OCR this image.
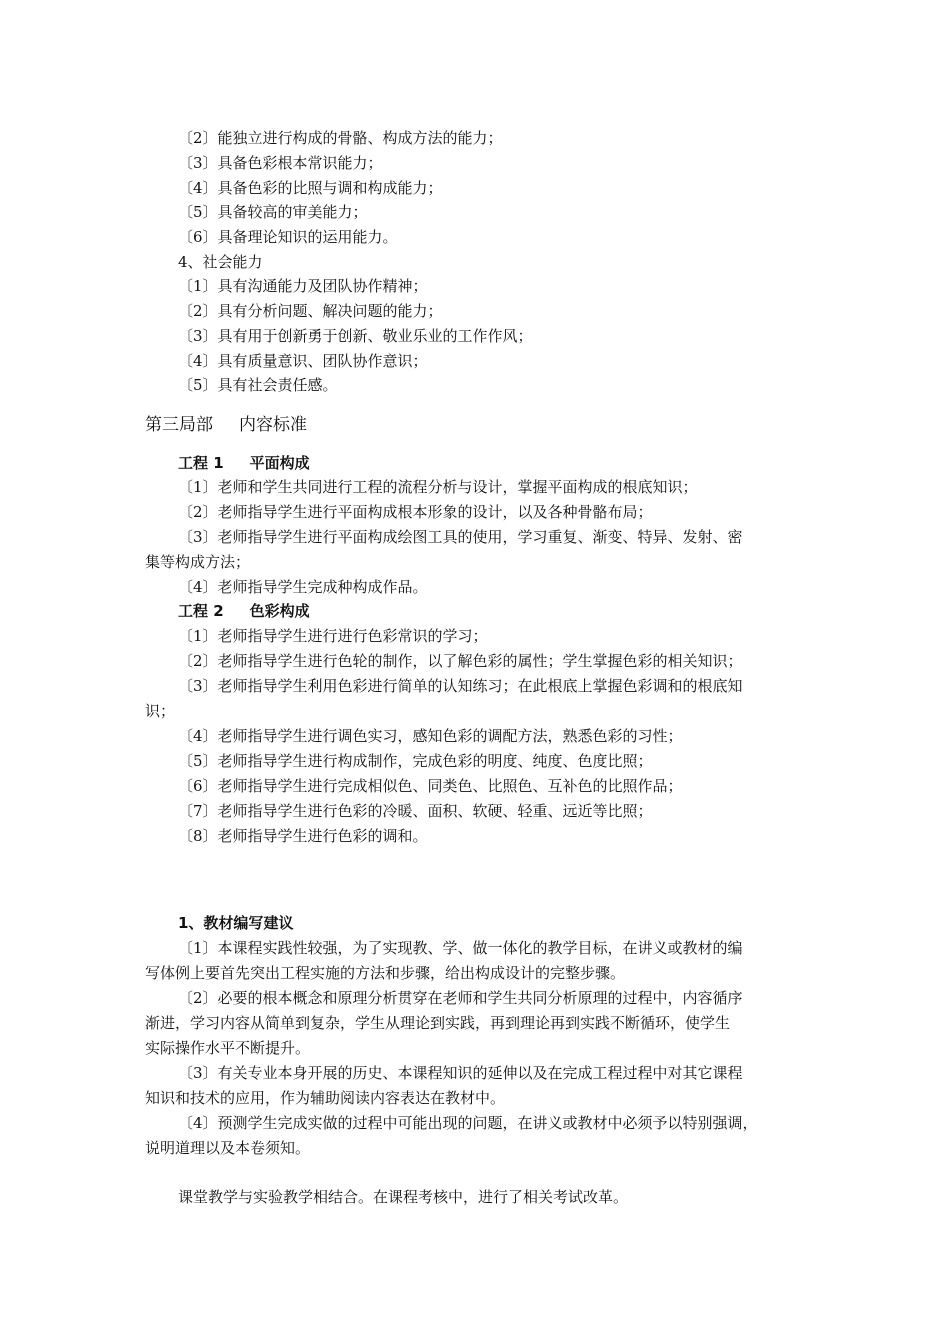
〔2〕能独立进行构成的骨骼、构成方法的能力；
〔3〕具备色彩根本常识能力；
〔4〕具备色彩的比照与调和构成能力；
〔5〕具备较高的审美能力；
〔6〕具备理论知识的运用能力。
4、社会能力
〔1〕具有沟通能力及团队协作精神；
〔2〕具有分析问题、解决问题的能力；
〔3〕具有用于创新勇于创新、敬业乐业的工作作风；
〔4〕具有质量意识、团队协作意识；
〔5〕具有社会责任感。
第三局部 内容标准
工程 1 平面构成
〔1〕老师和学生共同进行工程的流程分析与设计，掌握平面构成的根底知识；
〔2〕老师指导学生进行平面构成根本形象的设计，以及各种骨骼布局；
〔3〕老师指导学生进行平面构成绘图工具的使用，学习重复、渐变、特异、发射、密
集等构成方法；
〔4〕老师指导学生完成种构成作品。
工程 2 色彩构成
〔1〕老师指导学生进行进行色彩常识的学习；
〔2〕老师指导学生进行色轮的制作，以了解色彩的属性；学生掌握色彩的相关知识；
〔3〕老师指导学生利用色彩进行简单的认知练习；在此根底上掌握色彩调和的根底知
识；
〔4〕老师指导学生进行调色实习，感知色彩的调配方法，熟悉色彩的习性；
〔5〕老师指导学生进行构成制作，完成色彩的明度、纯度、色度比照；
〔6〕老师指导学生进行完成相似色、同类色、比照色、互补色的比照作品；
〔7〕老师指导学生进行色彩的冷暖、面积、软硬、轻重、远近等比照；
〔8〕老师指导学生进行色彩的调和。
1、教材编写建议
〔1〕本课程实践性较强，为了实现教、学、做一体化的教学目标，在讲义或教材的编
写体例上要首先突出工程实施的方法和步骤，给出构成设计的完整步骤。
〔2〕必要的根本概念和原理分析贯穿在老师和学生共同分析原理的过程中，内容循序
渐进，学习内容从简单到复杂，学生从理论到实践，再到理论再到实践不断循环，使学生
实际操作水平不断提升。
〔3〕有关专业本身开展的历史、本课程知识的延伸以及在完成工程过程中对其它课程
知识和技术的应用，作为辅助阅读内容表达在教材中。
〔4〕预测学生完成实做的过程中可能出现的问题，在讲义或教材中必须予以特别强调，
说明道理以及本卷须知。
课堂教学与实验教学相结合。在课程考核中，进行了相关考试改革。
